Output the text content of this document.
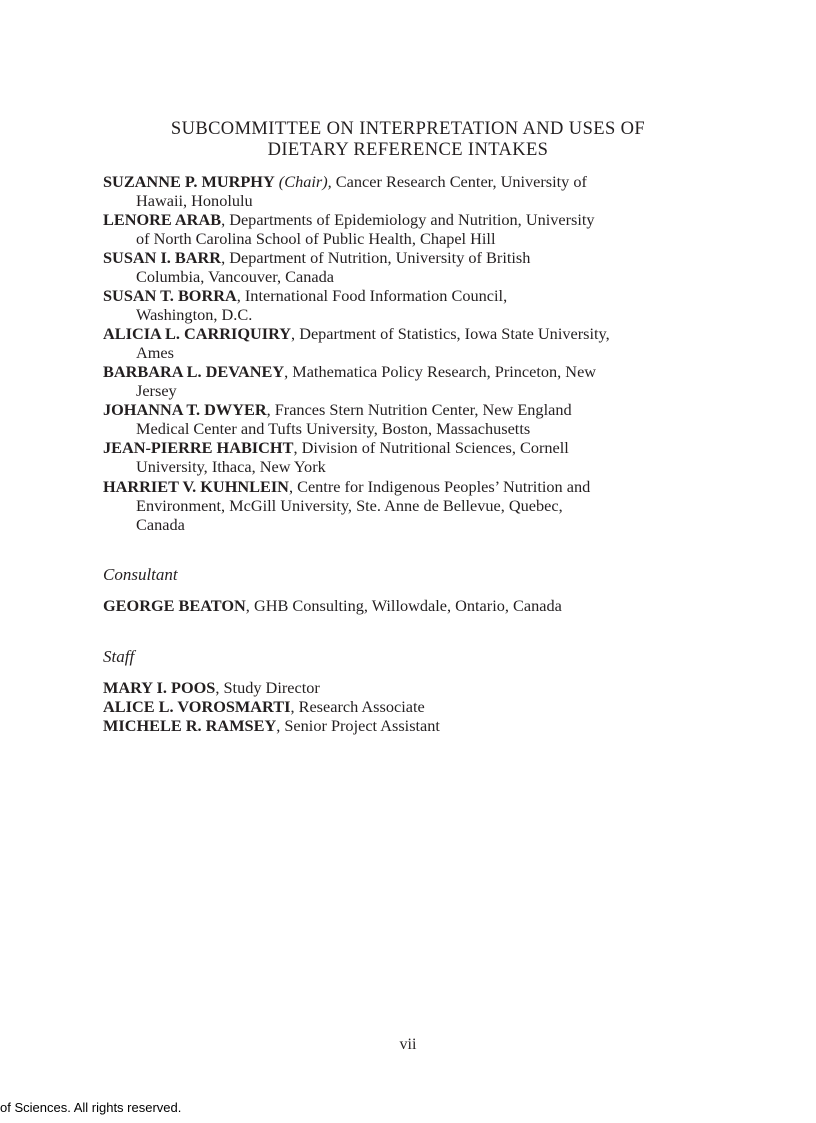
SUBCOMMITTEE ON INTERPRETATION AND USES OF
DIETARY REFERENCE INTAKES
SUZANNE P. MURPHY (Chair), Cancer Research Center, University of
Hawaii, Honolulu
LENORE ARAB, Departments of Epidemiology and Nutrition, University
of North Carolina School of Public Health, Chapel Hill
SUSAN I. BARR, Department of Nutrition, University of British
Columbia, Vancouver, Canada
SUSAN T. BORRA, International Food Information Council,
Washington, D.C.
ALICIA L. CARRIQUIRY, Department of Statistics, Iowa State University,
Ames
BARBARA L. DEVANEY, Mathematica Policy Research, Princeton, New
Jersey
JOHANNA T. DWYER, Frances Stern Nutrition Center, New England
Medical Center and Tufts University, Boston, Massachusetts
JEAN-PIERRE HABICHT, Division of Nutritional Sciences, Cornell
University, Ithaca, New York
HARRIET V. KUHNLEIN, Centre for Indigenous Peoples’ Nutrition and
Environment, McGill University, Ste. Anne de Bellevue, Quebec,
Canada
Consultant
GEORGE BEATON, GHB Consulting, Willowdale, Ontario, Canada
Staff
MARY I. POOS, Study Director
ALICE L. VOROSMARTI, Research Associate
MICHELE R. RAMSEY, Senior Project Assistant
vii
of Sciences. All rights reserved.
